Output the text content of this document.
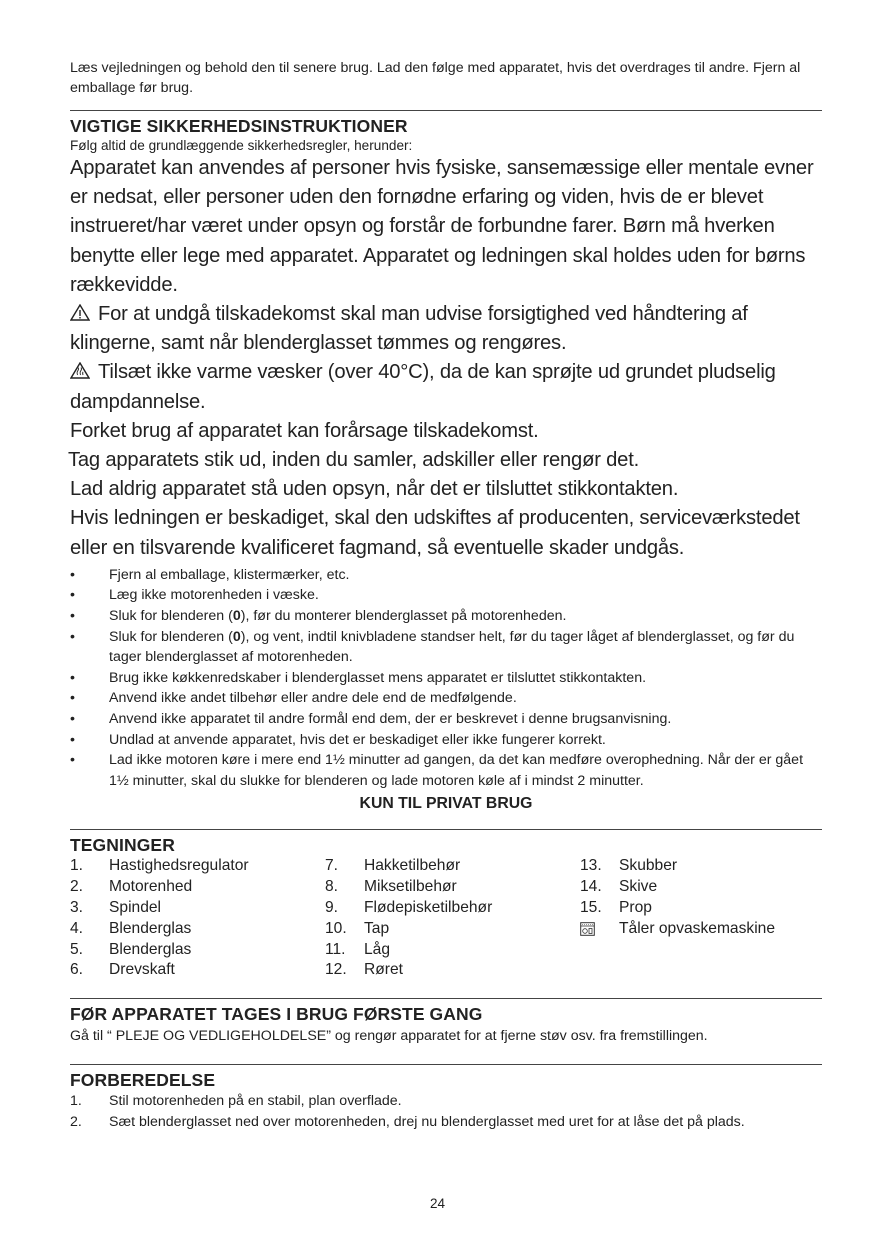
Læs vejledningen og behold den til senere brug. Lad den følge med apparatet, hvis det overdrages til andre. Fjern al emballage før brug.

VIGTIGE SIKKERHEDSINSTRUKTIONER

Følg altid de grundlæggende sikkerhedsregler, herunder:

Apparatet kan anvendes af personer hvis fysiske, sansemæssige eller mentale evner er nedsat, eller personer uden den fornødne erfaring og viden, hvis de er blevet instrueret/har været under opsyn og forstår de forbundne farer. Børn må hverken benytte eller lege med apparatet. Apparatet og ledningen skal holdes uden for børns rækkevidde.

For at undgå tilskadekomst skal man udvise forsigtighed ved håndtering af klingerne, samt når blenderglasset tømmes og rengøres.

Tilsæt ikke varme væsker (over 40°C), da de kan sprøjte ud grundet pludselig dampdannelse.

Forket brug af apparatet kan forårsage tilskadekomst.

Tag apparatets stik ud, inden du samler, adskiller eller rengør det.

Lad aldrig apparatet stå uden opsyn, når det er tilsluttet stikkontakten.

Hvis ledningen er beskadiget, skal den udskiftes af producenten, serviceværkstedet eller en tilsvarende kvalificeret fagmand, så eventuelle skader undgås.

• Fjern al emballage, klistermærker, etc.
• Læg ikke motorenheden i væske.
• Sluk for blenderen (0), før du monterer blenderglasset på motorenheden.
• Sluk for blenderen (0), og vent, indtil knivbladene standser helt, før du tager låget af blenderglasset, og før du tager blenderglasset af motorenheden.
• Brug ikke køkkenredskaber i blenderglasset mens apparatet er tilsluttet stikkontakten.
• Anvend ikke andet tilbehør eller andre dele end de medfølgende.
• Anvend ikke apparatet til andre formål end dem, der er beskrevet i denne brugsanvisning.
• Undlad at anvende apparatet, hvis det er beskadiget eller ikke fungerer korrekt.
• Lad ikke motoren køre i mere end 1½ minutter ad gangen, da det kan medføre overophedning. Når der er gået 1½ minutter, skal du slukke for blenderen og lade motoren køle af i mindst 2 minutter.

KUN TIL PRIVAT BRUG

TEGNINGER

1.	Hastighedsregulator
2.	Motorenhed
3.	Spindel
4.	Blenderglas
5.	Blenderglas
6.	Drevskaft
7.	Hakketilbehør
8.	Miksetilbehør
9.	Flødepisketilbehør
10.	Tap
11.	Låg
12.	Røret
13.	Skubber
14.	Skive
15.	Prop
Tåler opvaskemaskine

FØR APPARATET TAGES I BRUG FØRSTE GANG

Gå til “ PLEJE OG VEDLIGEHOLDELSE” og rengør apparatet for at fjerne støv osv. fra fremstillingen.

FORBEREDELSE

1.	Stil motorenheden på en stabil, plan overflade.
2.	Sæt blenderglasset ned over motorenheden, drej nu blenderglasset med uret for at låse det på plads.
24
